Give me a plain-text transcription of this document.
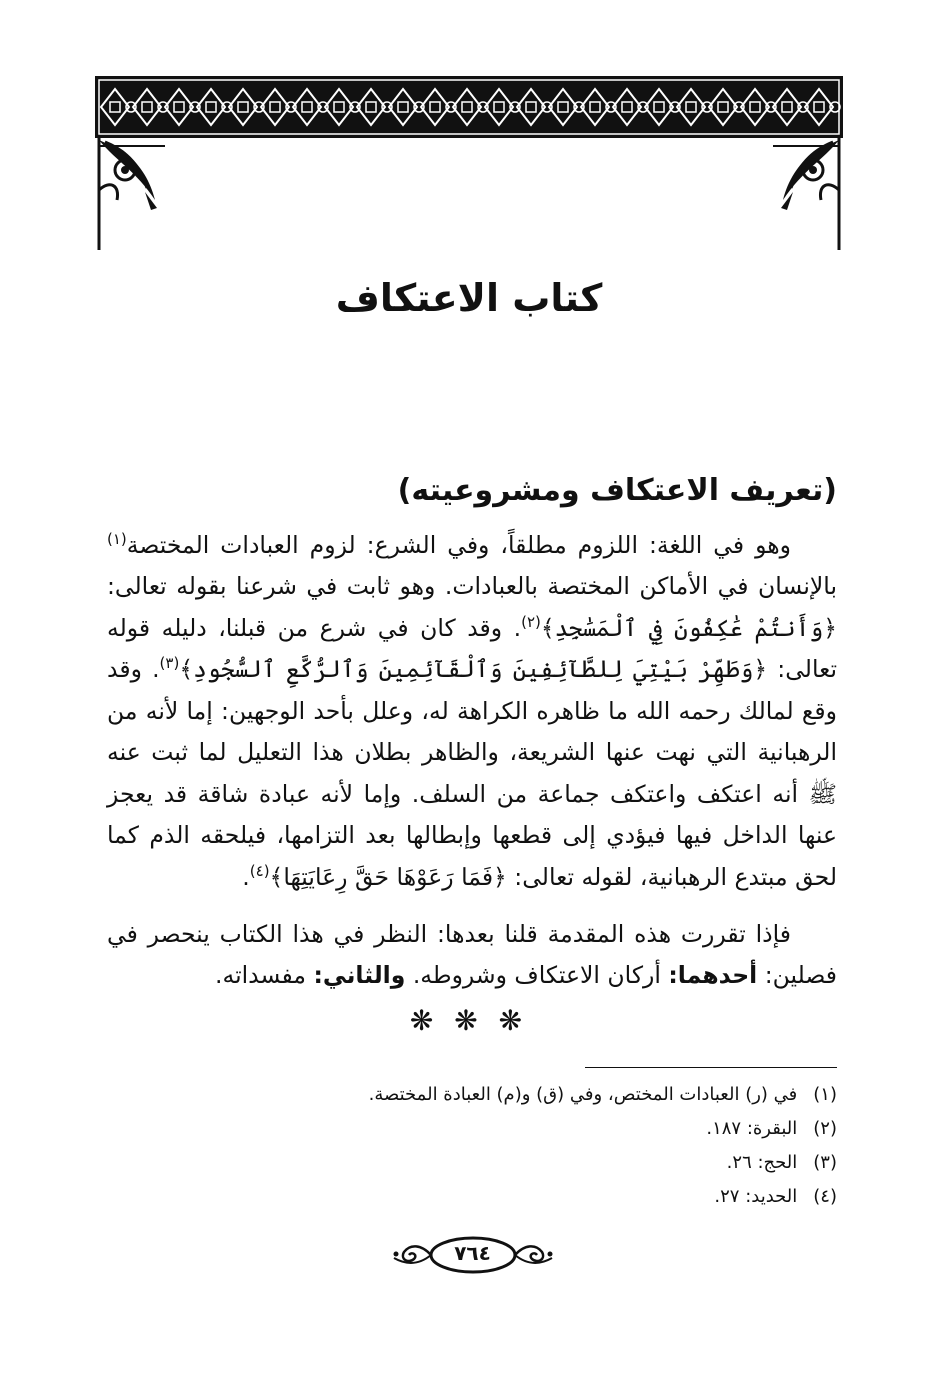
كتاب الاعتكاف
(تعريف الاعتكاف ومشروعيته)

وهو في اللغة: اللزوم مطلقاً، وفي الشرع: لزوم العبادات المختصة$^{(١)}$ بالإنسان في الأماكن المختصة بالعبادات. وهو ثابت في شرعنا بقوله تعالى: ﴿وَأَنتُمْ عَٰكِفُونَ فِي ٱلْمَسَٰجِدِ﴾$^{(٢)}$. وقد كان في شرع من قبلنا، دليله قوله تعالى: ﴿وَطَهِّرْ بَيْتِيَ لِلطَّآئِفِينَ وَٱلْقَآئِمِينَ وَٱلرُّكَّعِ ٱلسُّجُودِ﴾$^{(٣)}$. وقد وقع لمالك رحمه الله ما ظاهره الكراهة له، وعلل بأحد الوجهين: إما لأنه من الرهبانية التي نهت عنها الشريعة، والظاهر بطلان هذا التعليل لما ثبت عنه ﷺ أنه اعتكف واعتكف جماعة من السلف. وإما لأنه عبادة شاقة قد يعجز عنها الداخل فيها فيؤدي إلى قطعها وإبطالها بعد التزامها، فيلحقه الذم كما لحق مبتدع الرهبانية، لقوله تعالى: ﴿فَمَا رَعَوْهَا حَقَّ رِعَايَتِهَا﴾$^{(٤)}$.

فإذا تقررت هذه المقدمة قلنا بعدها: النظر في هذا الكتاب ينحصر في فصلين: أحدهما: أركان الاعتكاف وشروطه. والثاني: مفسداته.

❋ ❋ ❋
(١) في (ر) العبادات المختص، وفي (ق) و(م) العبادة المختصة.
(٢) البقرة: ١٨٧.
(٣) الحج: ٢٦.
(٤) الحديد: ٢٧.
٧٦٤
